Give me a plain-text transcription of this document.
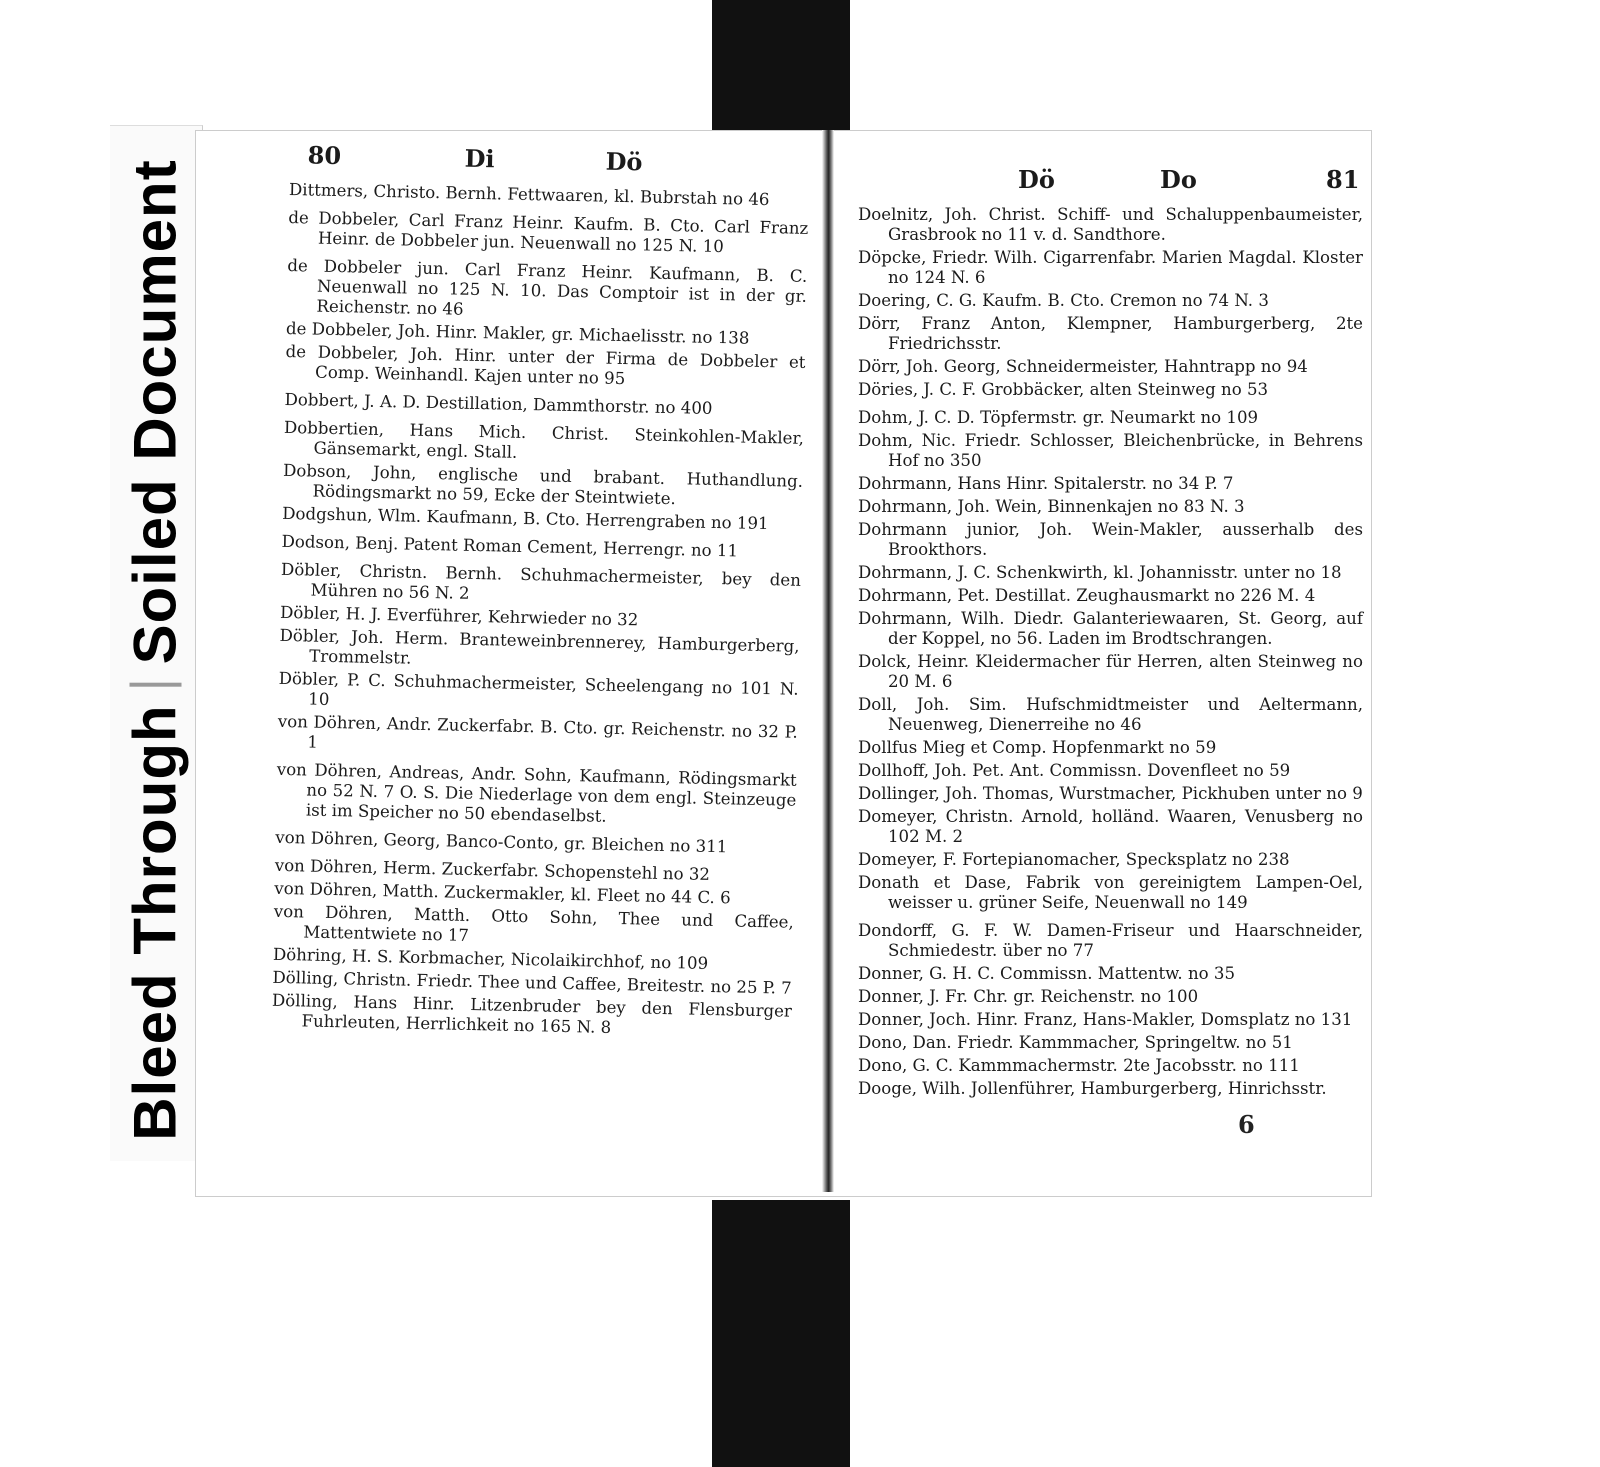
Bleed Through
Soiled Document
80	Di	Dö

Dittmers, Christo. Bernh. Fettwaaren, kl. Bubrstah no 46

de Dobbeler, Carl Franz Heinr. Kaufm. B. Cto. Carl Franz Heinr. de Dobbeler jun. Neuenwall no 125 N. 10

de Dobbeler jun. Carl Franz Heinr. Kaufmann, B. C. Neuenwall no 125 N. 10. Das Comptoir ist in der gr. Reichenstr. no 46

de Dobbeler, Joh. Hinr. Makler, gr. Michaelisstr. no 138

de Dobbeler, Joh. Hinr. unter der Firma de Dobbeler et Comp. Weinhandl. Kajen unter no 95

Dobbert, J. A. D. Destillation, Dammthorstr. no 400

Dobbertien, Hans Mich. Christ. Steinkohlen-Makler, Gänsemarkt, engl. Stall.

Dobson, John, englische und brabant. Huthandlung. Rödingsmarkt no 59, Ecke der Steintwiete.

Dodgshun, Wlm. Kaufmann, B. Cto. Herrengraben no 191

Dodson, Benj. Patent Roman Cement, Herrengr. no 11

Döbler, Christn. Bernh. Schuhmachermeister, bey den Mühren no 56 N. 2

Döbler, H. J. Everführer, Kehrwieder no 32

Döbler, Joh. Herm. Branteweinbrennerey, Hamburgerberg, Trommelstr.

Döbler, P. C. Schuhmachermeister, Scheelengang no 101 N. 10

von Döhren, Andr. Zuckerfabr. B. Cto. gr. Reichenstr. no 32 P. 1

von Döhren, Andreas, Andr. Sohn, Kaufmann, Rödingsmarkt no 52 N. 7 O. S. Die Niederlage von dem engl. Steinzeuge ist im Speicher no 50 ebendaselbst.

von Döhren, Georg, Banco-Conto, gr. Bleichen no 311

von Döhren, Herm. Zuckerfabr. Schopenstehl no 32

von Döhren, Matth. Zuckermakler, kl. Fleet no 44 C. 6

von Döhren, Matth. Otto Sohn, Thee und Caffee, Mattentwiete no 17

Döhring, H. S. Korbmacher, Nicolaikirchhof, no 109

Dölling, Christn. Friedr. Thee und Caffee, Breitestr. no 25 P. 7

Dölling, Hans Hinr. Litzenbruder bey den Flensburger Fuhrleuten, Herrlichkeit no 165 N. 8

Dö	Do	81

Doelnitz, Joh. Christ. Schiff- und Schaluppenbaumeister, Grasbrook no 11 v. d. Sandthore.

Döpcke, Friedr. Wilh. Cigarrenfabr. Marien Magdal. Kloster no 124 N. 6

Doering, C. G. Kaufm. B. Cto. Cremon no 74 N. 3

Dörr, Franz Anton, Klempner, Hamburgerberg, 2te Friedrichsstr.

Dörr, Joh. Georg, Schneidermeister, Hahntrapp no 94

Döries, J. C. F. Grobbäcker, alten Steinweg no 53

Dohm, J. C. D. Töpfermstr. gr. Neumarkt no 109

Dohm, Nic. Friedr. Schlosser, Bleichenbrücke, in Behrens Hof no 350

Dohrmann, Hans Hinr. Spitalerstr. no 34 P. 7

Dohrmann, Joh. Wein, Binnenkajen no 83 N. 3

Dohrmann junior, Joh. Wein-Makler, ausserhalb des Brookthors.

Dohrmann, J. C. Schenkwirth, kl. Johannisstr. unter no 18

Dohrmann, Pet. Destillat. Zeughausmarkt no 226 M. 4

Dohrmann, Wilh. Diedr. Galanteriewaaren, St. Georg, auf der Koppel, no 56. Laden im Brodtschrangen.

Dolck, Heinr. Kleidermacher für Herren, alten Steinweg no 20 M. 6

Doll, Joh. Sim. Hufschmidtmeister und Aeltermann, Neuenweg, Dienerreihe no 46

Dollfus Mieg et Comp. Hopfenmarkt no 59

Dollhoff, Joh. Pet. Ant. Commissn. Dovenfleet no 59

Dollinger, Joh. Thomas, Wurstmacher, Pickhuben unter no 9

Domeyer, Christn. Arnold, holländ. Waaren, Venusberg no 102 M. 2

Domeyer, F. Fortepianomacher, Specksplatz no 238

Donath et Dase, Fabrik von gereinigtem Lampen-Oel, weisser u. grüner Seife, Neuenwall no 149

Dondorff, G. F. W. Damen-Friseur und Haarschneider, Schmiedestr. über no 77

Donner, G. H. C. Commissn. Mattentw. no 35

Donner, J. Fr. Chr. gr. Reichenstr. no 100

Donner, Joch. Hinr. Franz, Hans-Makler, Domsplatz no 131

Dono, Dan. Friedr. Kammmacher, Springeltw. no 51

Dono, G. C. Kammmachermstr. 2te Jacobsstr. no 111

Dooge, Wilh. Jollenführer, Hamburgerberg, Hinrichsstr.

6
